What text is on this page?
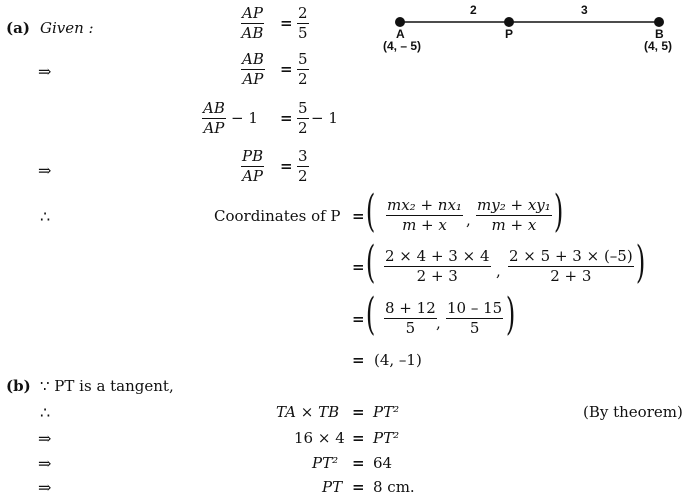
(a) Given :	$\frac{AP}{AB} = \frac{2}{5}$
⇒	$\frac{AB}{AP} = \frac{5}{2}$
$\frac{AB}{AP} - 1 = \frac{5}{2} - 1$
⇒	$\frac{PB}{AP} = \frac{3}{2}$
∴	Coordinates of P = ( $\frac{\text{mx₂ + nx₁}}{m + x}$ , $\frac{\text{my₂ + xy₁}}{m + x}$ )
= ( $\frac{2 \times 4 + 3 \times 4}{2 + 3}$ , $\frac{2 \times 5 + 3 \times (-5)}{2 + 3}$ )
= ( $\frac{8 + 12}{5}$ , $\frac{10 - 15}{5}$ )
= (4, –1)
2	3
A
(4, – 5)
P	B
(4, 5)
(b) ∵ PT is a tangent,
∴	TA × TB = PT²	(By theorem)
⇒	16 × 4 = PT²
⇒	PT² = 64
⇒	PT = 8 cm.
